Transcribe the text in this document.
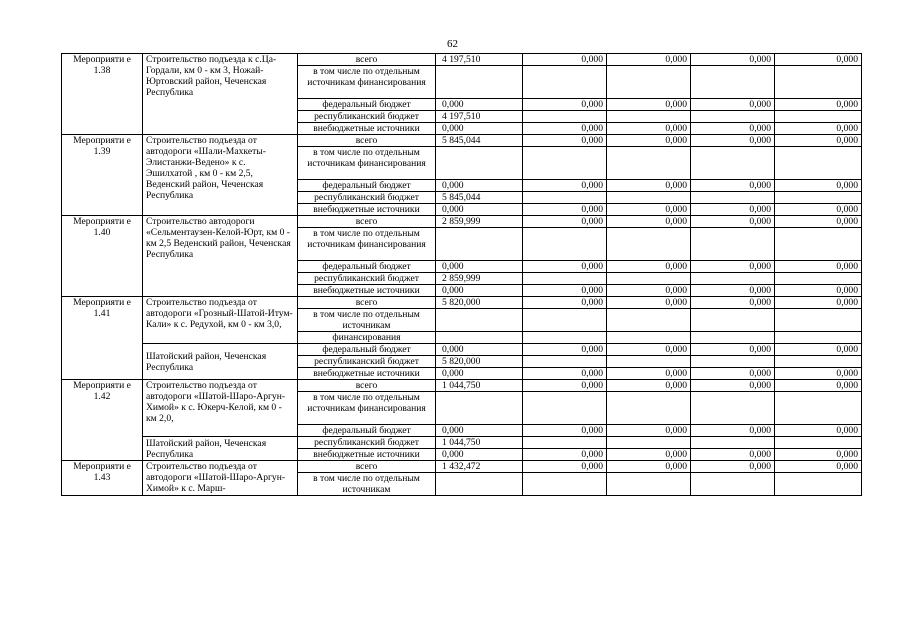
62
Мероприяти е 1.38	Строительство подъезда к с.Ца-Гордали, км 0 - км 3, Ножай-Юртовский район, Чеченская Республика	всего	4 197,510	0,000	0,000	0,000	0,000
		в том числе по отдельным источникам финансирования					
		федеральный бюджет	0,000	0,000	0,000	0,000	0,000
		республиканский бюджет	4 197,510				
		внебюджетные источники	0,000	0,000	0,000	0,000	0,000
Мероприяти е 1.39	Строительство подъезда от автодороги «Шали-Махкеты-Элистанжи-Ведено» к с. Эшилхатой , км 0 - км 2,5, Веденский район, Чеченская Республика	всего	5 845,044	0,000	0,000	0,000	0,000
		в том числе по отдельным источникам финансирования					
		федеральный бюджет	0,000	0,000	0,000	0,000	0,000
		республиканский бюджет	5 845,044				
		внебюджетные источники	0,000	0,000	0,000	0,000	0,000
Мероприяти е 1.40	Строительство автодороги «Сельментаузен-Келой-Юрт, км 0 - км 2,5 Веденский район, Чеченская Республика	всего	2 859,999	0,000	0,000	0,000	0,000
		в том числе по отдельным источникам финансирования					
		федеральный бюджет	0,000	0,000	0,000	0,000	0,000
		республиканский бюджет	2 859,999				
		внебюджетные источники	0,000	0,000	0,000	0,000	0,000
Мероприяти е 1.41	Строительство подъезда от автодороги «Грозный-Шатой-Итум-Кали» к с. Редухой, км 0 - км 3,0,	всего	5 820,000	0,000	0,000	0,000	0,000
		в том числе по отдельным источникам					
		финансирования					
	Шатойский район, Чеченская Республика	федеральный бюджет	0,000	0,000	0,000	0,000	0,000
		республиканский бюджет	5 820,000				
		внебюджетные источники	0,000	0,000	0,000	0,000	0,000
Мероприяти е 1.42	Строительство подъезда от автодороги «Шатой-Шаро-Аргун-Химой» к с. Юкерч-Келой, км 0 - км 2,0,	всего	1 044,750	0,000	0,000	0,000	0,000
		в том числе по отдельным источникам финансирования					
		федеральный бюджет	0,000	0,000	0,000	0,000	0,000
	Шатойский район, Чеченская Республика	республиканский бюджет	1 044,750				
		внебюджетные источники	0,000	0,000	0,000	0,000	0,000
Мероприяти е 1.43	Строительство подъезда от автодороги «Шатой-Шаро-Аргун-Химой» к с. Марш-	всего	1 432,472	0,000	0,000	0,000	0,000
		в том числе по отдельным источникам					
